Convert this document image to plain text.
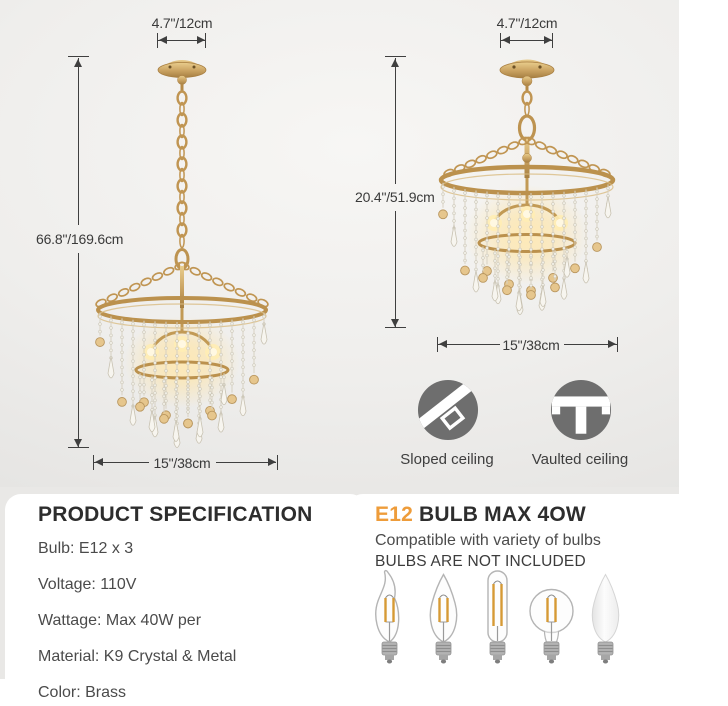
4.7"/12cm
66.8"/169.6cm
15"/38cm
4.7"/12cm
20.4"/51.9cm
15''/38cm
Sloped ceiling	Vaulted ceiling
PRODUCT SPECIFICATION

Bulb: E12 x 3

Voltage: 110V

Wattage: Max 40W per

Material: K9 Crystal & Metal

Color: Brass

E12 BULB MAX 4OW

Compatible with variety of bulbs

BULBS ARE NOT INCLUDED
